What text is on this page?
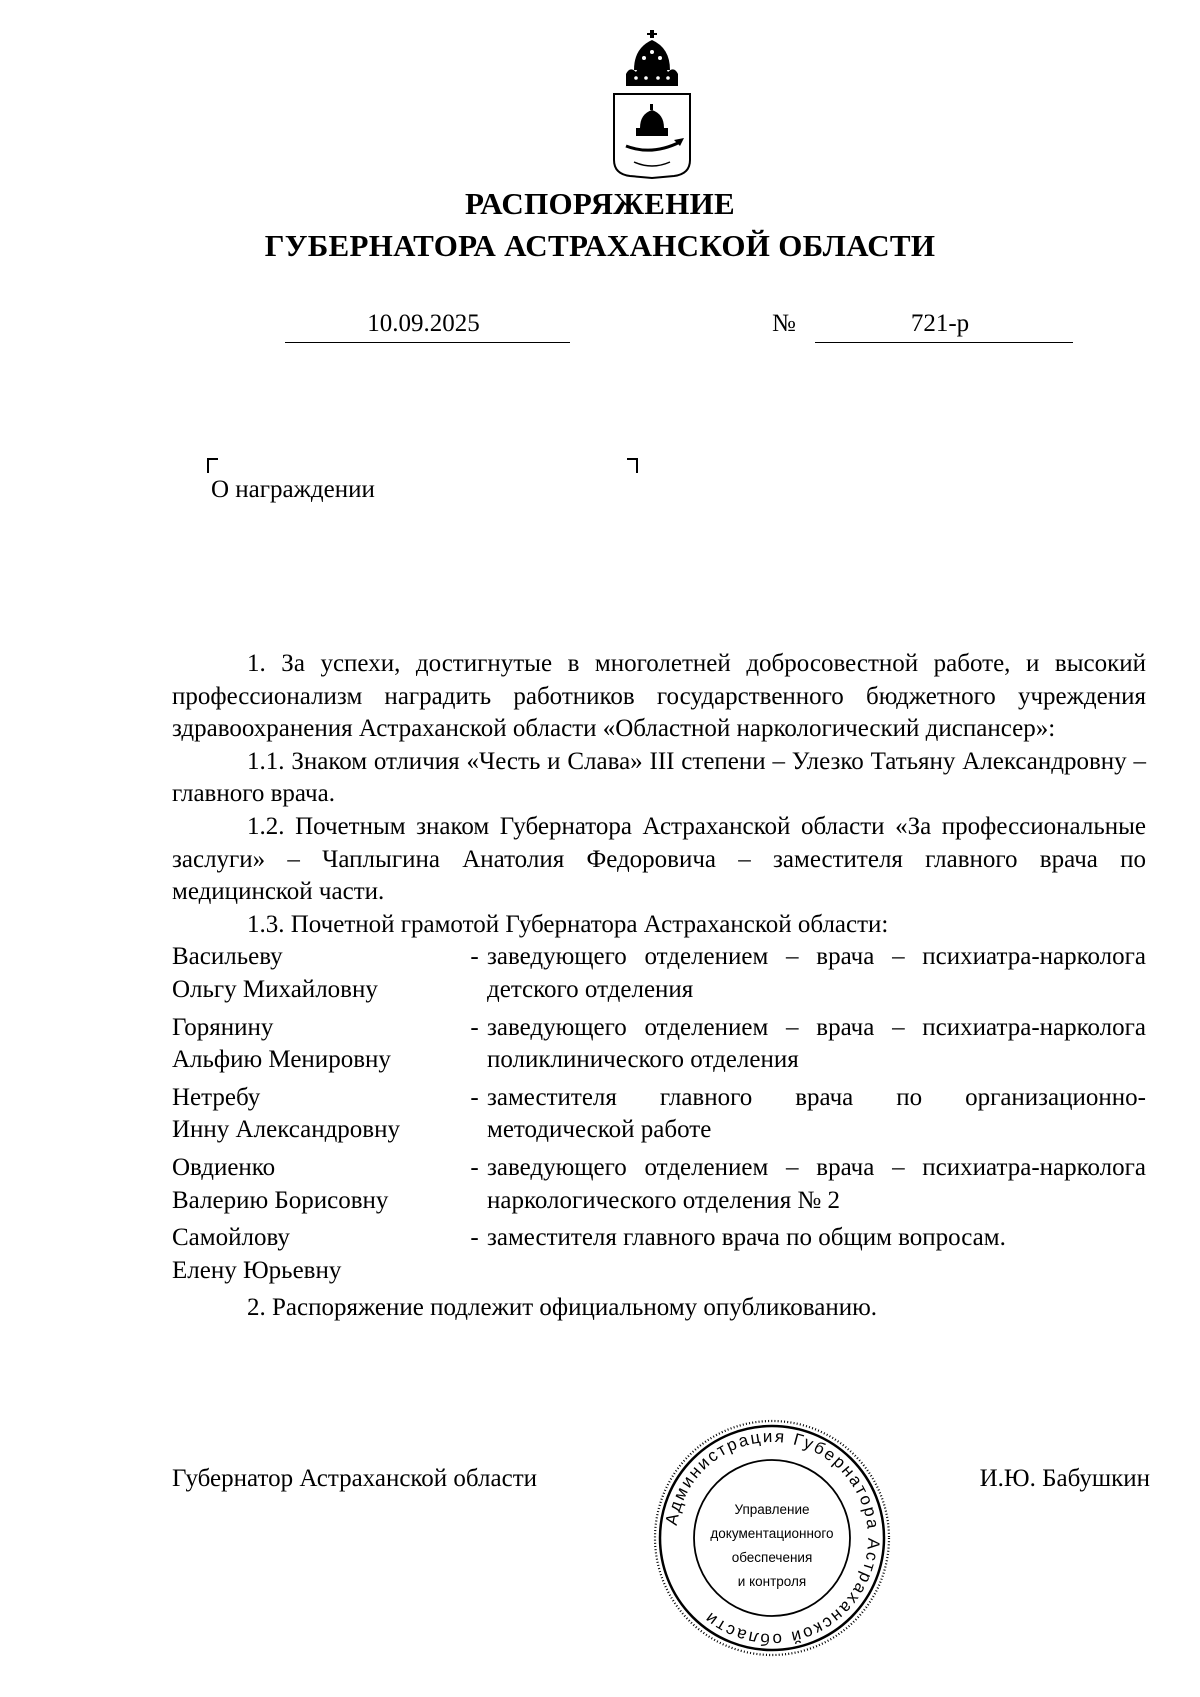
РАСПОРЯЖЕНИЕ
ГУБЕРНАТОРА АСТРАХАНСКОЙ ОБЛАСТИ
10.09.2025	№	721-р
О награждении

1. За успехи, достигнутые в многолетней добросовестной работе, и высокий профессионализм наградить работников государственного бюджетного учреждения здравоохранения Астраханской области «Областной наркологический диспансер»:

1.1. Знаком отличия «Честь и Слава» III степени – Улезко Татьяну Александровну – главного врача.

1.2. Почетным знаком Губернатора Астраханской области «За профессиональные заслуги» – Чаплыгина Анатолия Федоровича – заместителя главного врача по медицинской части.

1.3. Почетной грамотой Губернатора Астраханской области:

Васильеву
Ольгу Михайловну
- заведующего отделением – врача – психиатра-нарколога детского отделения
Горянину
Альфию Менировну
- заведующего отделением – врача – психиатра-нарколога поликлинического отделения
Нетребу
Инну Александровну
- заместителя главного врача по организационно-методической работе
Овдиенко
Валерию Борисовну
- заведующего отделением – врача – психиатра-нарколога наркологического отделения № 2
Самойлову
Елену Юрьевну
- заместителя главного врача по общим вопросам.

2. Распоряжение подлежит официальному опубликованию.

Губернатор Астраханской области	И.Ю. Бабушкин
Администрация Губернатора Астраханской области
Управление
документационного
обеспечения
и контроля
